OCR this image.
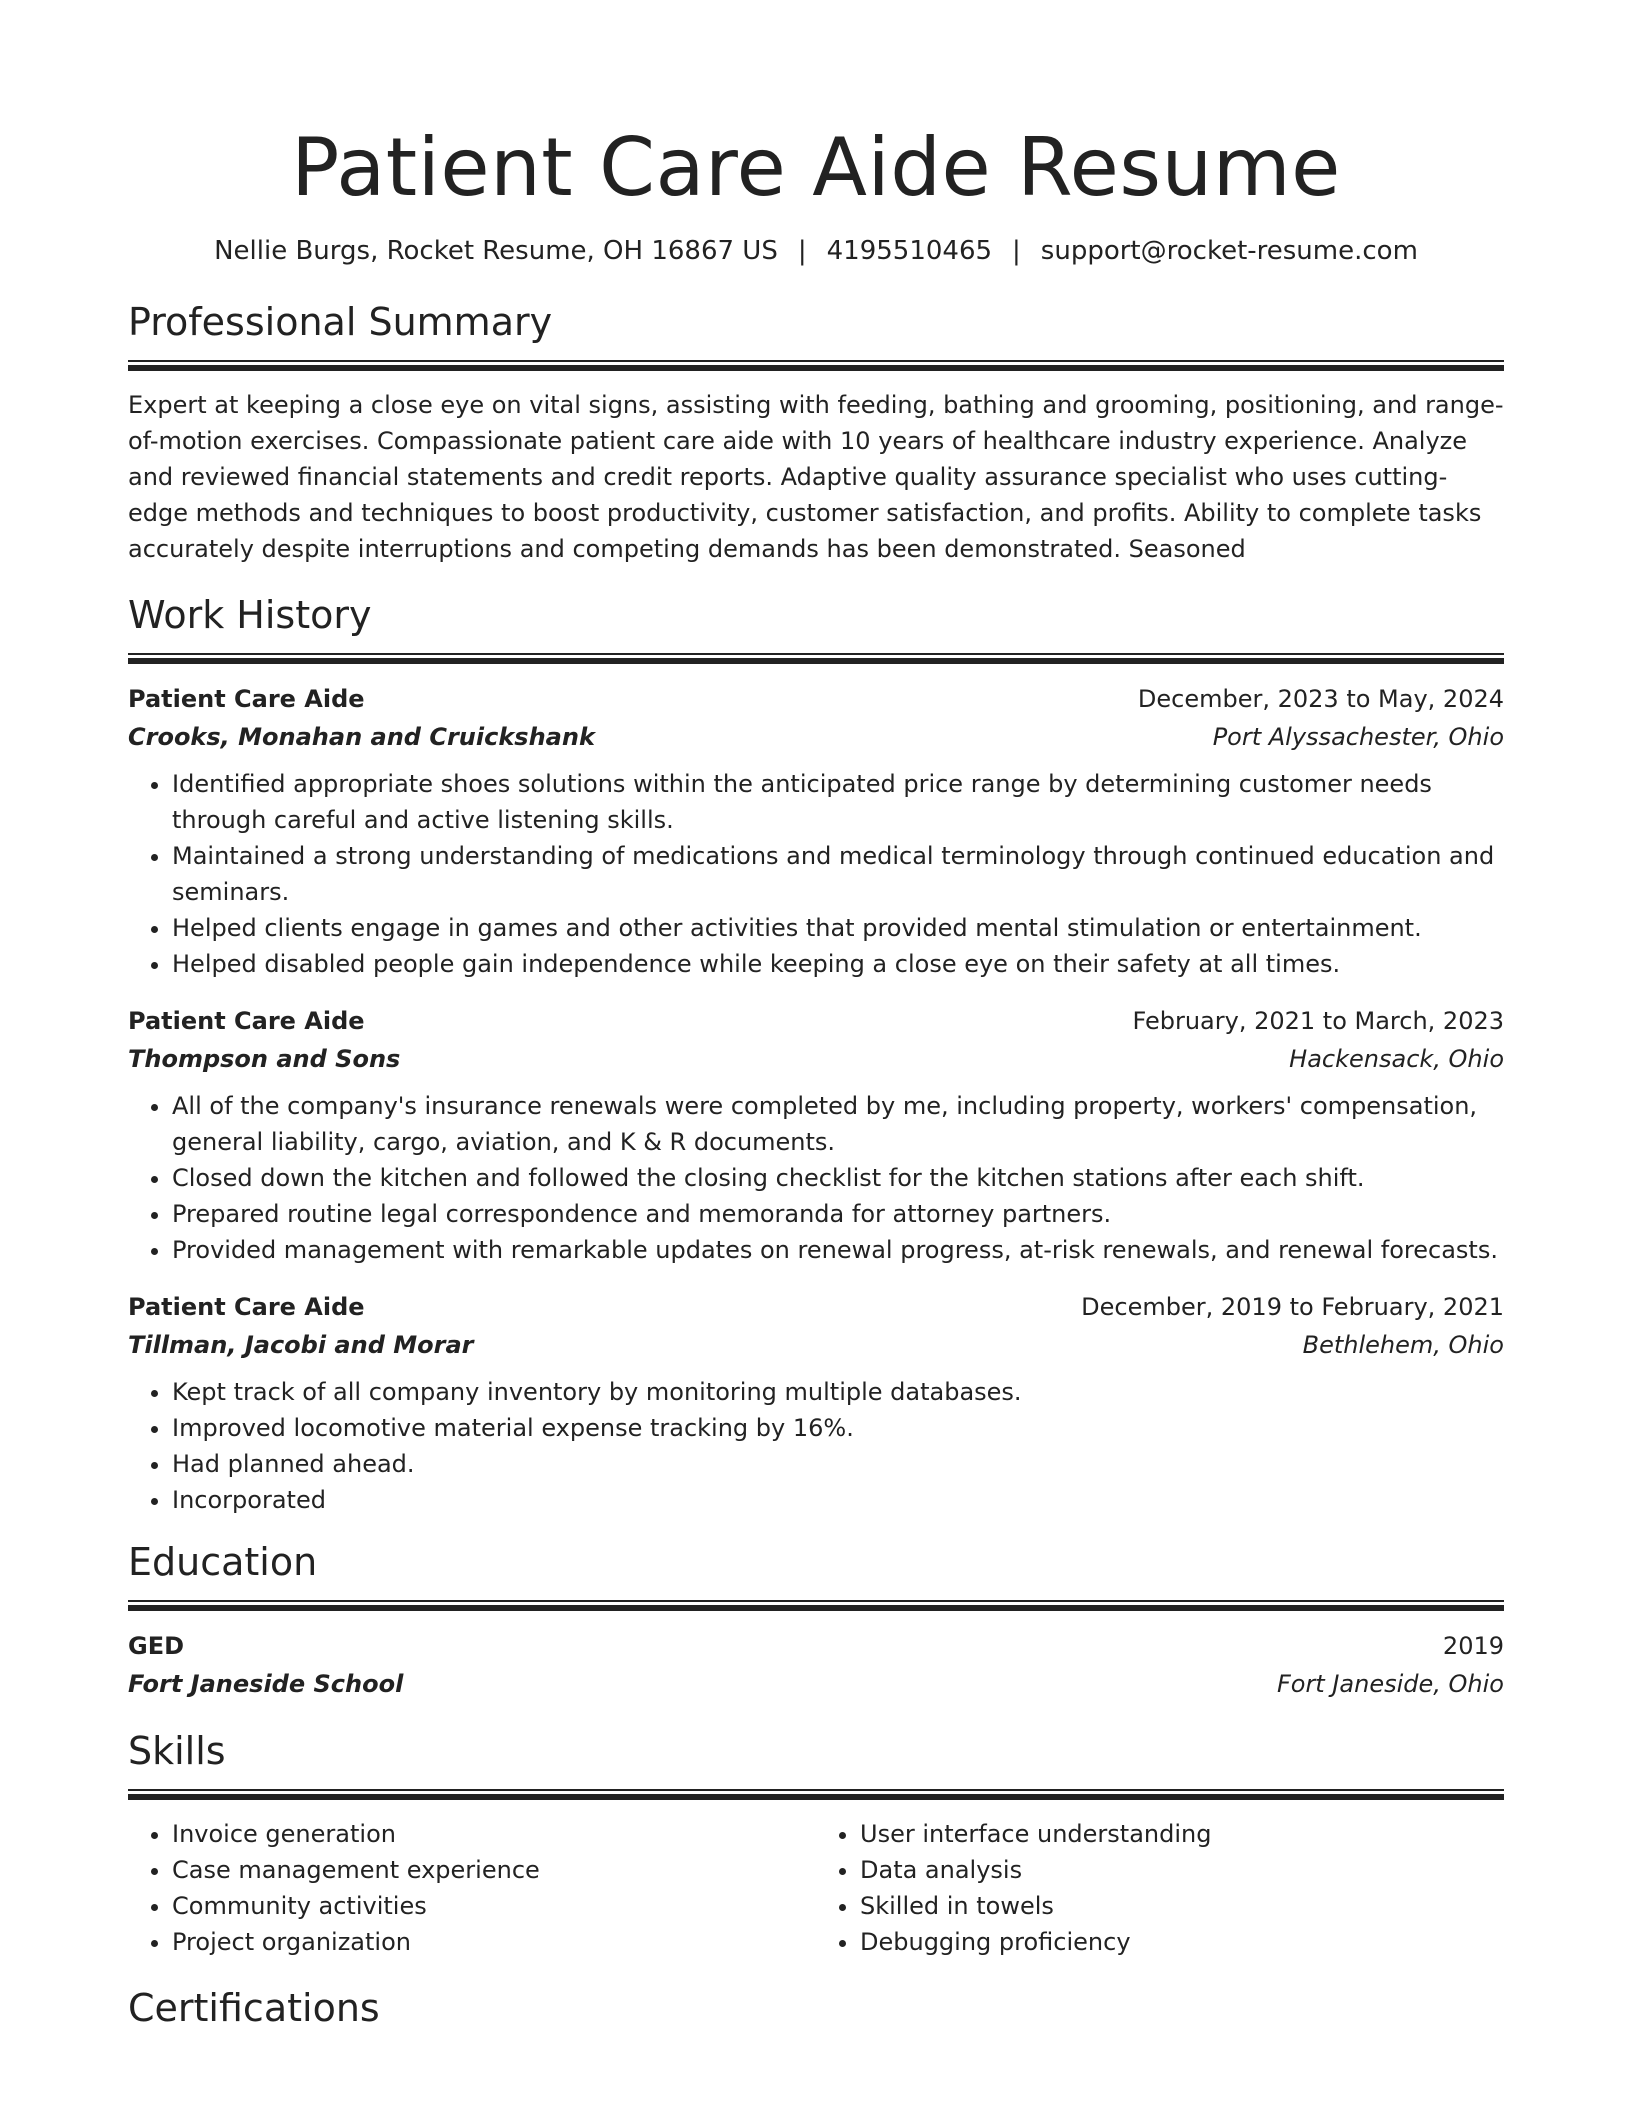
Patient Care Aide Resume
Nellie Burgs, Rocket Resume, OH 16867 US | 4195510465 | support@rocket-resume.com
Professional Summary
Expert at keeping a close eye on vital signs, assisting with feeding, bathing and grooming, positioning, and range-of-motion exercises. Compassionate patient care aide with 10 years of healthcare industry experience. Analyze and reviewed financial statements and credit reports. Adaptive quality assurance specialist who uses cutting-edge methods and techniques to boost productivity, customer satisfaction, and profits. Ability to complete tasks accurately despite interruptions and competing demands has been demonstrated. Seasoned
Work History
Patient Care Aide	December, 2023 to May, 2024
Crooks, Monahan and Cruickshank	Port Alyssachester, Ohio
• Identified appropriate shoes solutions within the anticipated price range by determining customer needs through careful and active listening skills.
• Maintained a strong understanding of medications and medical terminology through continued education and seminars.
• Helped clients engage in games and other activities that provided mental stimulation or entertainment.
• Helped disabled people gain independence while keeping a close eye on their safety at all times.
Patient Care Aide	February, 2021 to March, 2023
Thompson and Sons	Hackensack, Ohio
• All of the company's insurance renewals were completed by me, including property, workers' compensation, general liability, cargo, aviation, and K & R documents.
• Closed down the kitchen and followed the closing checklist for the kitchen stations after each shift.
• Prepared routine legal correspondence and memoranda for attorney partners.
• Provided management with remarkable updates on renewal progress, at-risk renewals, and renewal forecasts.
Patient Care Aide	December, 2019 to February, 2021
Tillman, Jacobi and Morar	Bethlehem, Ohio
• Kept track of all company inventory by monitoring multiple databases.
• Improved locomotive material expense tracking by 16%.
• Had planned ahead.
• Incorporated
Education
GED	2019
Fort Janeside School	Fort Janeside, Ohio
Skills
• Invoice generation
• Case management experience
• Community activities
• Project organization
• User interface understanding
• Data analysis
• Skilled in towels
• Debugging proficiency
Certifications
